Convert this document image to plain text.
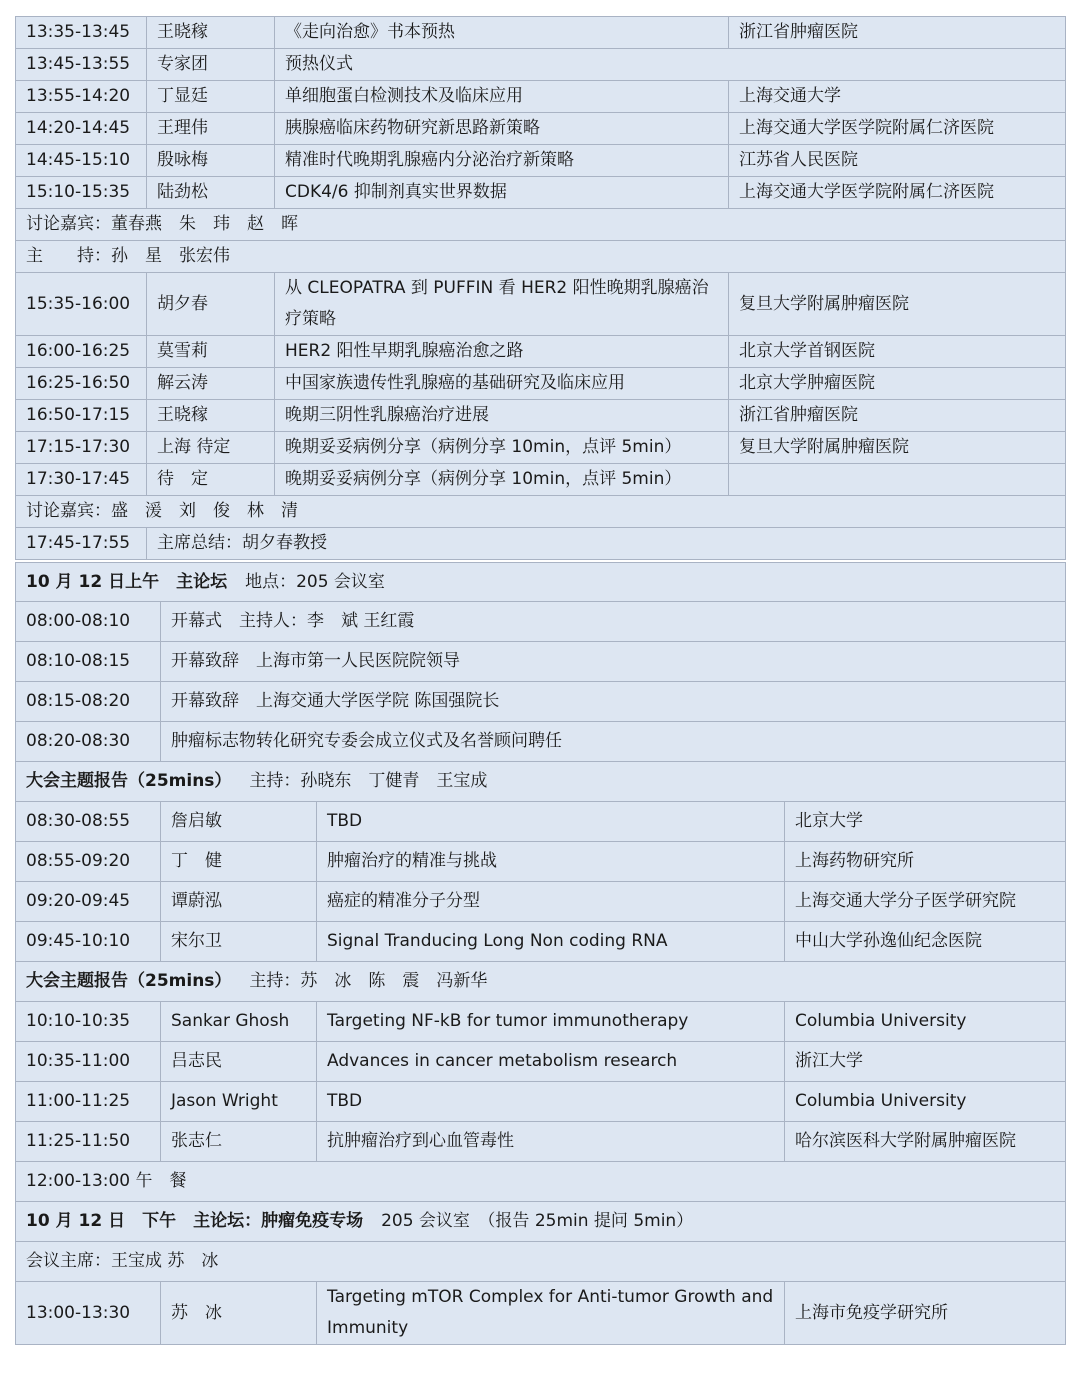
13:35-13:45	王晓稼	《走向治愈》书本预热	浙江省肿瘤医院
13:45-13:55	专家团	预热仪式	
13:55-14:20	丁显廷	单细胞蛋白检测技术及临床应用	上海交通大学
14:20-14:45	王理伟	胰腺癌临床药物研究新思路新策略	上海交通大学医学院附属仁济医院
14:45-15:10	殷咏梅	精准时代晚期乳腺癌内分泌治疗新策略	江苏省人民医院
15:10-15:35	陆劲松	CDK4/6 抑制剂真实世界数据	上海交通大学医学院附属仁济医院
讨论嘉宾：董春燕　朱　玮　赵　晖			
主　　持：孙　星　张宏伟			
15:35-16:00	胡夕春	从 CLEOPATRA 到 PUFFIN 看 HER2 阳性晚期乳腺癌治疗策略	复旦大学附属肿瘤医院
16:00-16:25	莫雪莉	HER2 阳性早期乳腺癌治愈之路	北京大学首钢医院
16:25-16:50	解云涛	中国家族遗传性乳腺癌的基础研究及临床应用	北京大学肿瘤医院
16:50-17:15	王晓稼	晚期三阴性乳腺癌治疗进展	浙江省肿瘤医院
17:15-17:30	上海 待定	晚期妥妥病例分享（病例分享 10min，点评 5min）	复旦大学附属肿瘤医院
17:30-17:45	待　定	晚期妥妥病例分享（病例分享 10min，点评 5min）	
讨论嘉宾：盛　湲　刘　俊　林　清			
17:45-17:55	主席总结：胡夕春教授		
10 月 12 日上午　主论坛 地点：205 会议室			
08:00-08:10	开幕式　主持人：李　斌 王红霞		
08:10-08:15	开幕致辞　上海市第一人民医院院领导		
08:15-08:20	开幕致辞　上海交通大学医学院 陈国强院长		
08:20-08:30	肿瘤标志物转化研究专委会成立仪式及名誉顾问聘任		
大会主题报告（25mins） 主持：孙晓东　丁健青　王宝成			
08:30-08:55	詹启敏	TBD	北京大学
08:55-09:20	丁　健	肿瘤治疗的精准与挑战	上海药物研究所
09:20-09:45	谭蔚泓	癌症的精准分子分型	上海交通大学分子医学研究院
09:45-10:10	宋尔卫	Signal Tranducing Long Non coding RNA	中山大学孙逸仙纪念医院
大会主题报告（25mins） 主持：苏　冰　陈　震　冯新华			
10:10-10:35	Sankar Ghosh	Targeting NF-kB for tumor immunotherapy	Columbia University
10:35-11:00	吕志民	Advances in cancer metabolism research	浙江大学
11:00-11:25	Jason Wright	TBD	Columbia University
11:25-11:50	张志仁	抗肿瘤治疗到心血管毒性	哈尔滨医科大学附属肿瘤医院
12:00-13:00 午　餐			
10 月 12 日　下午　主论坛：肿瘤免疫专场 205 会议室　（报告 25min 提问 5min）			
会议主席：王宝成 苏　冰			
13:00-13:30	苏　冰	Targeting mTOR Complex for Anti-tumor Growth and Immunity	上海市免疫学研究所
